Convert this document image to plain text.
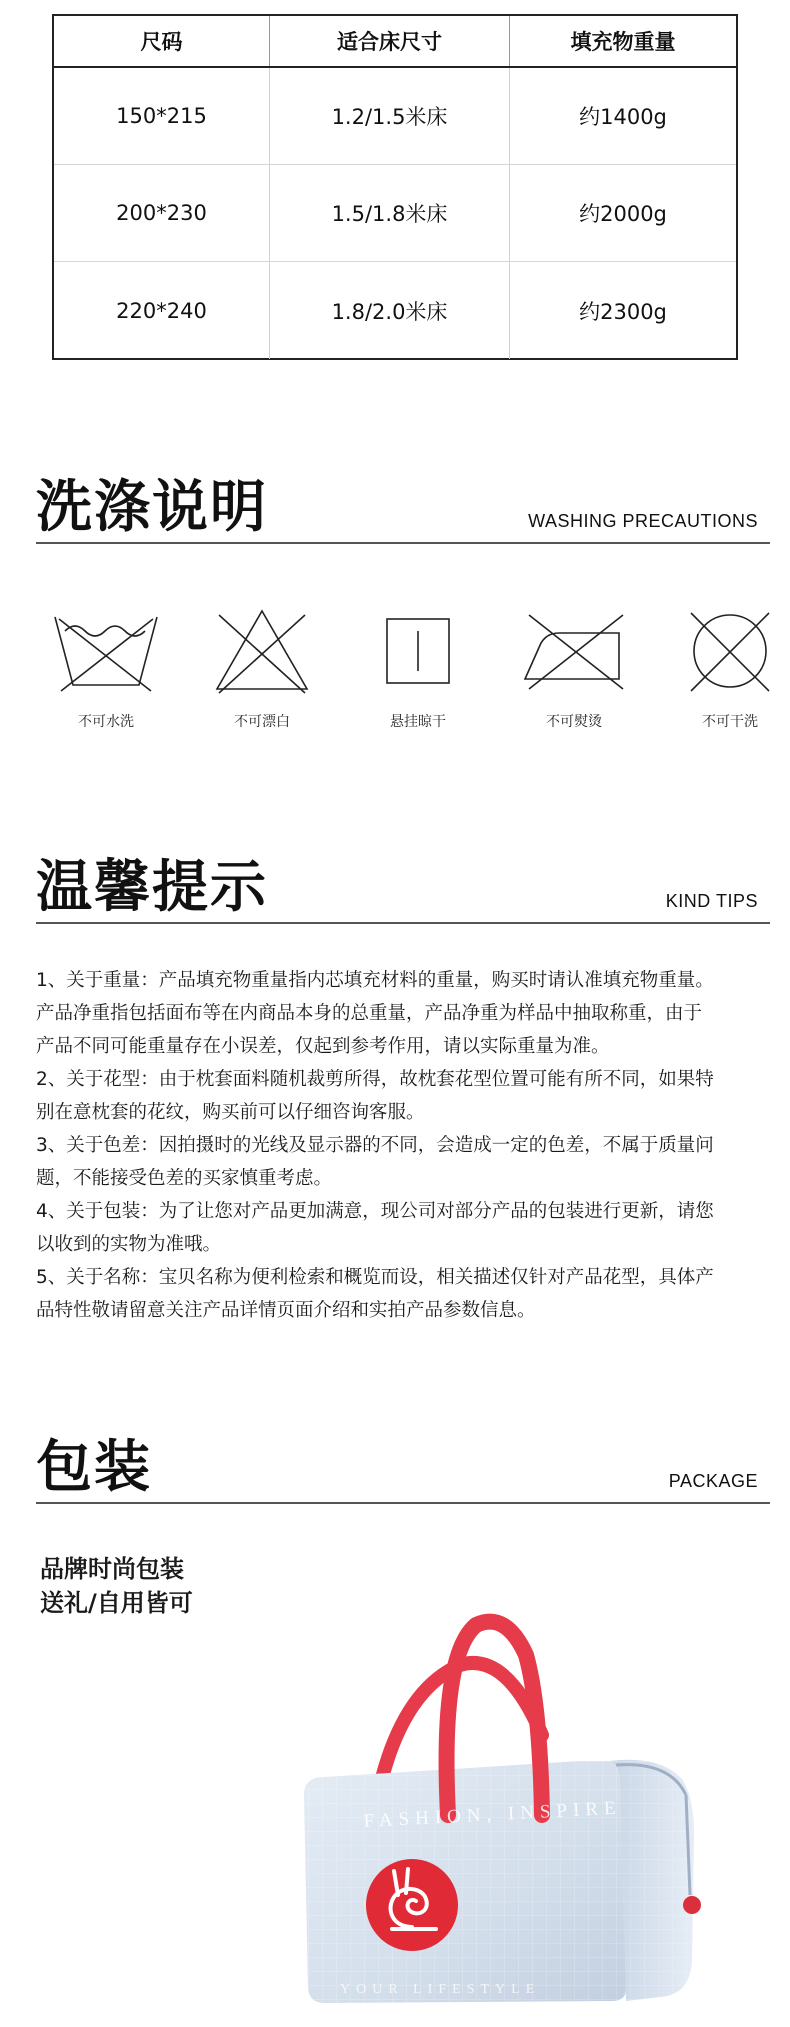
尺码	适合床尺寸	填充物重量
150*215	1.2/1.5米床	约1400g
200*230	1.5/1.8米床	约2000g
220*240	1.8/2.0米床	约2300g
洗涤说明	WASHING PRECAUTIONS
不可水洗	不可漂白	悬挂晾干	不可熨烫	不可干洗
温馨提示	KIND TIPS

1、关于重量：产品填充物重量指内芯填充材料的重量，购买时请认准填充物重量。

产品净重指包括面布等在内商品本身的总重量，产品净重为样品中抽取称重，由于

产品不同可能重量存在小误差，仅起到参考作用，请以实际重量为准。

2、关于花型：由于枕套面料随机裁剪所得，故枕套花型位置可能有所不同，如果特

别在意枕套的花纹，购买前可以仔细咨询客服。

3、关于色差：因拍摄时的光线及显示器的不同，会造成一定的色差，不属于质量问

题，不能接受色差的买家慎重考虑。

4、关于包装：为了让您对产品更加满意，现公司对部分产品的包装进行更新，请您

以收到的实物为准哦。

5、关于名称：宝贝名称为便利检索和概览而设，相关描述仅针对产品花型，具体产

品特性敬请留意关注产品详情页面介绍和实拍产品参数信息。

包装	PACKAGE
品牌时尚包装
送礼/自用皆可
LOVO
FASHION, INSPIRE
YOUR LIFESTYLE
